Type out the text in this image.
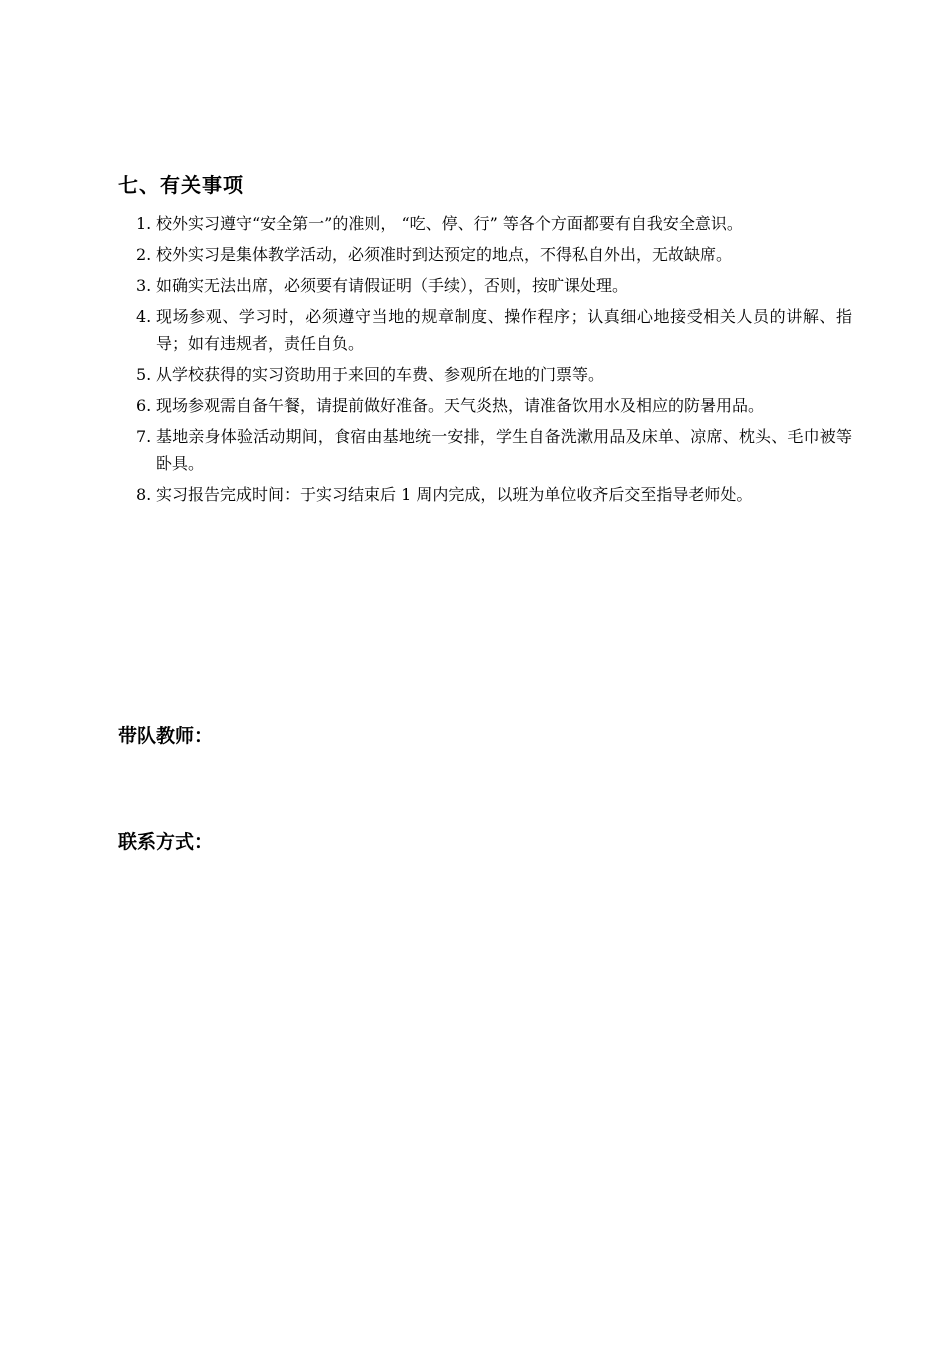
七、有关事项
1. 校外实习遵守“安全第一”的准则， “吃、停、行” 等各个方面都要有自我安全意识。
2. 校外实习是集体教学活动，必须准时到达预定的地点，不得私自外出，无故缺席。
3. 如确实无法出席，必须要有请假证明（手续），否则，按旷课处理。
4. 现场参观、学习时，必须遵守当地的规章制度、操作程序；认真细心地接受相关人员的讲解、指导；如有违规者，责任自负。
5. 从学校获得的实习资助用于来回的车费、参观所在地的门票等。
6. 现场参观需自备午餐，请提前做好准备。天气炎热，请准备饮用水及相应的防暑用品。
7. 基地亲身体验活动期间，食宿由基地统一安排，学生自备洗漱用品及床单、凉席、枕头、毛巾被等卧具。
8. 实习报告完成时间：于实习结束后 1 周内完成，以班为单位收齐后交至指导老师处。
带队教师：
联系方式：
